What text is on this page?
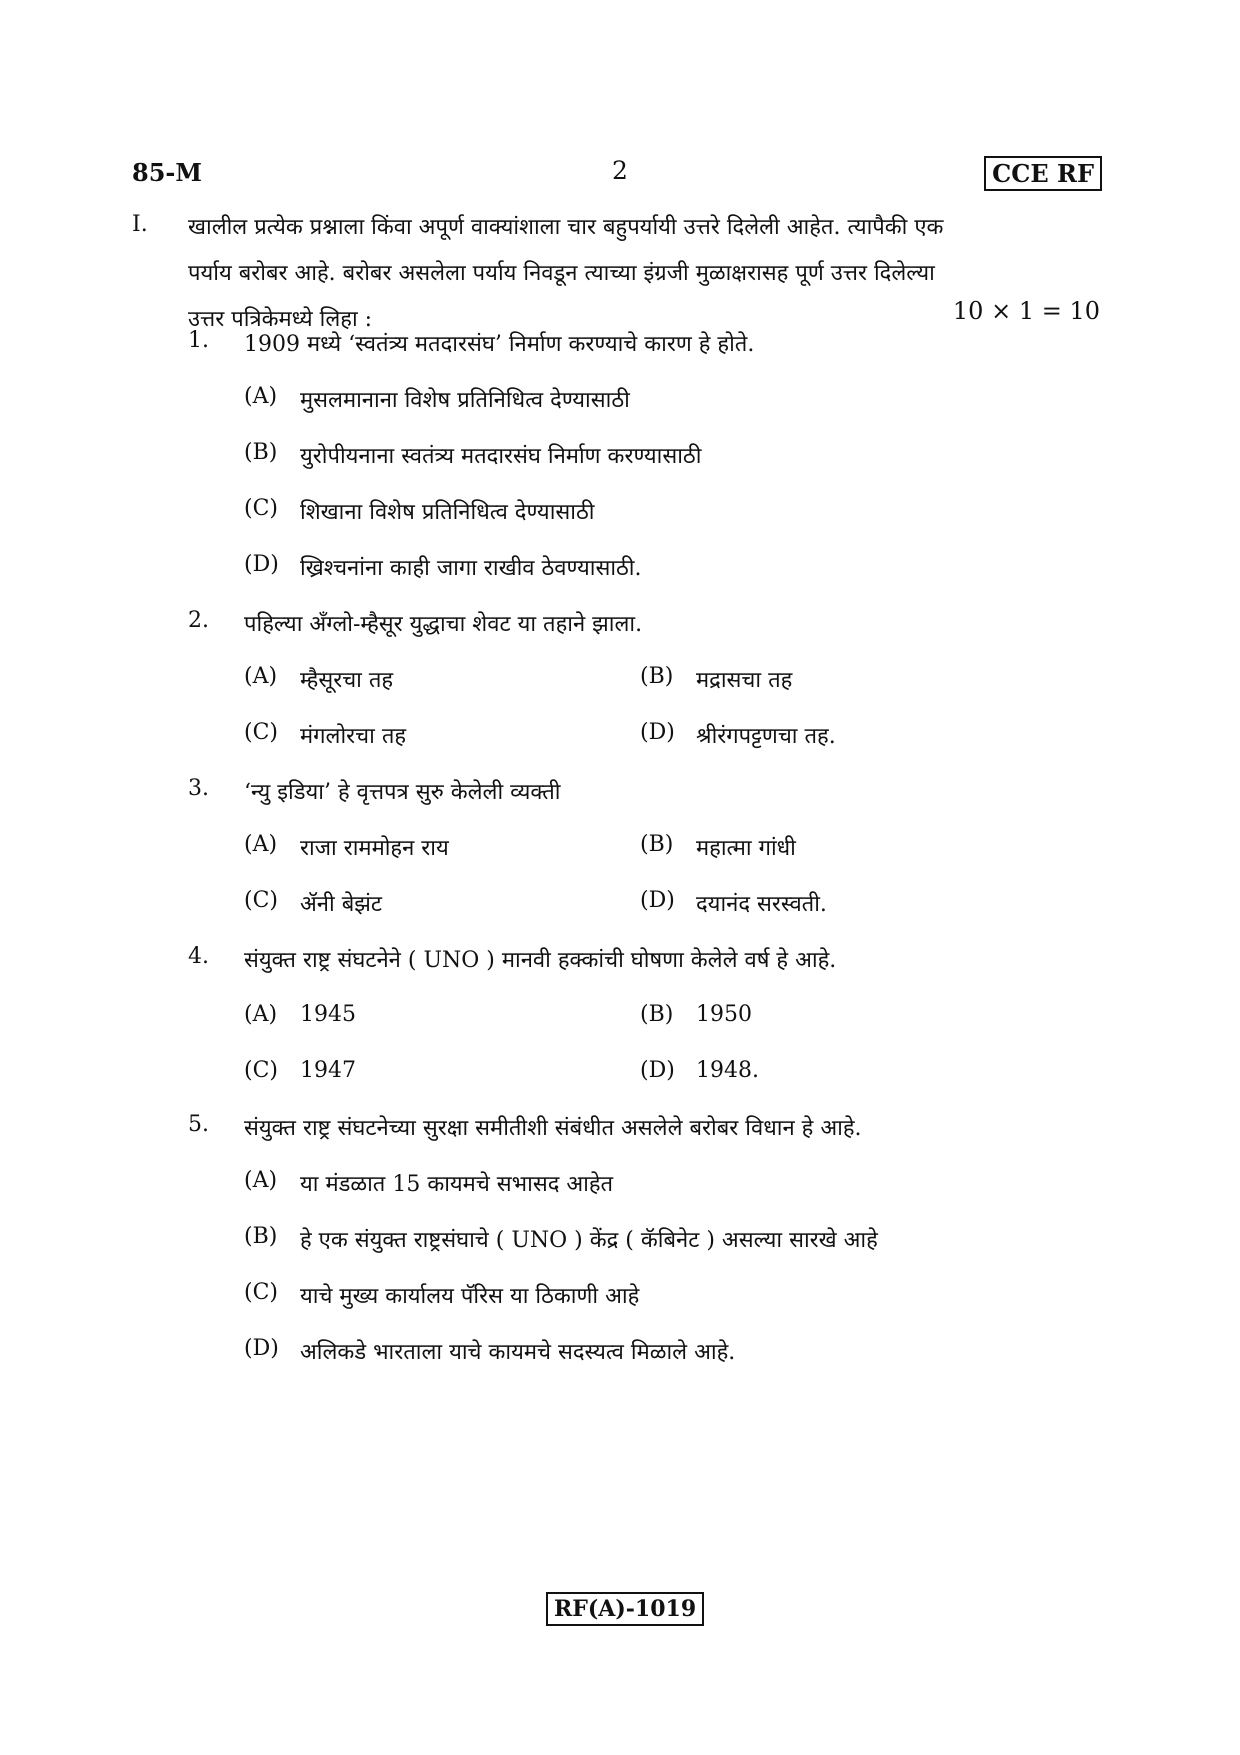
85-M	2	CCE RF
I. खालील प्रत्येक प्रश्नाला किंवा अपूर्ण वाक्यांशाला चार बहुपर्यायी उत्तरे दिलेली आहेत. त्यापैकी एक
पर्याय बरोबर आहे. बरोबर असलेला पर्याय निवडून त्याच्या इंग्रजी मुळाक्षरासह पूर्ण उत्तर दिलेल्या
उत्तर पत्रिकेमध्ये लिहा :	10 × 1 = 10
1.	1909 मध्ये ‘स्वतंत्र्य मतदारसंघ’ निर्माण करण्याचे कारण हे होते.
(A) मुसलमानाना विशेष प्रतिनिधित्व देण्यासाठी
(B) युरोपीयनाना स्वतंत्र्य मतदारसंघ निर्माण करण्यासाठी
(C) शिखाना विशेष प्रतिनिधित्व देण्यासाठी
(D) ख्रिश्चनांना काही जागा राखीव ठेवण्यासाठी.
2.	पहिल्या अँग्लो-म्हैसूर युद्धाचा शेवट या तहाने झाला.
(A) म्हैसूरचा तह	(B) मद्रासचा तह
(C) मंगलोरचा तह	(D) श्रीरंगपट्टणचा तह.
3.	‘न्यु इडिया’ हे वृत्तपत्र सुरु केलेली व्यक्ती
(A) राजा राममोहन राय	(B) महात्मा गांधी
(C) ॲनी बेझंट	(D) दयानंद सरस्वती.
4.	संयुक्त राष्ट्र संघटनेने ( UNO ) मानवी हक्कांची घोषणा केलेले वर्ष हे आहे.
(A) 1945	(B) 1950
(C) 1947	(D) 1948.
5.	संयुक्त राष्ट्र संघटनेच्या सुरक्षा समीतीशी संबंधीत असलेले बरोबर विधान हे आहे.
(A) या मंडळात 15 कायमचे सभासद आहेत
(B) हे एक संयुक्त राष्ट्रसंघाचे ( UNO ) केंद्र ( कॅबिनेट ) असल्या सारखे आहे
(C) याचे मुख्य कार्यालय पॅरिस या ठिकाणी आहे
(D) अलिकडे भारताला याचे कायमचे सदस्यत्व मिळाले आहे.
RF(A)-1019
